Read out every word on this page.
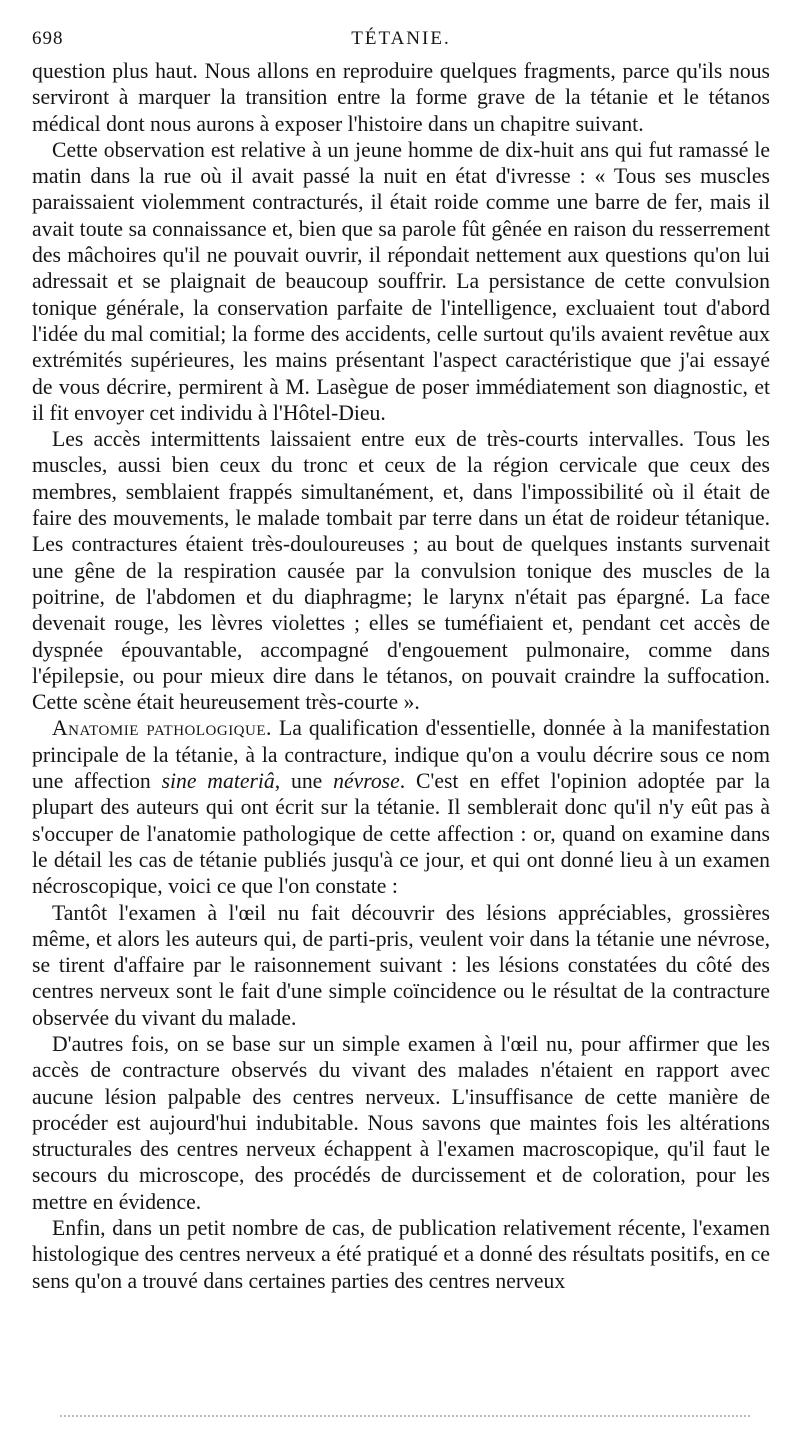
698	TÉTANIE.

question plus haut. Nous allons en reproduire quelques fragments, parce qu'ils nous serviront à marquer la transition entre la forme grave de la tétanie et le tétanos médical dont nous aurons à exposer l'histoire dans un chapitre suivant.

Cette observation est relative à un jeune homme de dix-huit ans qui fut ramassé le matin dans la rue où il avait passé la nuit en état d'ivresse : « Tous ses muscles paraissaient violemment contracturés, il était roide comme une barre de fer, mais il avait toute sa connaissance et, bien que sa parole fût gênée en raison du resserrement des mâchoires qu'il ne pouvait ouvrir, il répondait nettement aux questions qu'on lui adressait et se plaignait de beaucoup souffrir. La persistance de cette convulsion tonique générale, la conservation parfaite de l'intelligence, excluaient tout d'abord l'idée du mal comitial; la forme des accidents, celle surtout qu'ils avaient revêtue aux extrémités supérieures, les mains présentant l'aspect caractéristique que j'ai essayé de vous décrire, permirent à M. Lasègue de poser immédiatement son diagnostic, et il fit envoyer cet individu à l'Hôtel-Dieu.

Les accès intermittents laissaient entre eux de très-courts intervalles. Tous les muscles, aussi bien ceux du tronc et ceux de la région cervicale que ceux des membres, semblaient frappés simultanément, et, dans l'impossibilité où il était de faire des mouvements, le malade tombait par terre dans un état de roideur tétanique. Les contractures étaient très-douloureuses ; au bout de quelques instants survenait une gêne de la respiration causée par la convulsion tonique des muscles de la poitrine, de l'abdomen et du diaphragme; le larynx n'était pas épargné. La face devenait rouge, les lèvres violettes ; elles se tuméfiaient et, pendant cet accès de dyspnée épouvantable, accompagné d'engouement pulmonaire, comme dans l'épilepsie, ou pour mieux dire dans le tétanos, on pouvait craindre la suffocation. Cette scène était heureusement très-courte ».

Anatomie pathologique. La qualification d'essentielle, donnée à la manifestation principale de la tétanie, à la contracture, indique qu'on a voulu décrire sous ce nom une affection sine materiâ, une névrose. C'est en effet l'opinion adoptée par la plupart des auteurs qui ont écrit sur la tétanie. Il semblerait donc qu'il n'y eût pas à s'occuper de l'anatomie pathologique de cette affection : or, quand on examine dans le détail les cas de tétanie publiés jusqu'à ce jour, et qui ont donné lieu à un examen nécroscopique, voici ce que l'on constate :

Tantôt l'examen à l'œil nu fait découvrir des lésions appréciables, grossières même, et alors les auteurs qui, de parti-pris, veulent voir dans la tétanie une névrose, se tirent d'affaire par le raisonnement suivant : les lésions constatées du côté des centres nerveux sont le fait d'une simple coïncidence ou le résultat de la contracture observée du vivant du malade.

D'autres fois, on se base sur un simple examen à l'œil nu, pour affirmer que les accès de contracture observés du vivant des malades n'étaient en rapport avec aucune lésion palpable des centres nerveux. L'insuffisance de cette manière de procéder est aujourd'hui indubitable. Nous savons que maintes fois les altérations structurales des centres nerveux échappent à l'examen macroscopique, qu'il faut le secours du microscope, des procédés de durcissement et de coloration, pour les mettre en évidence.

Enfin, dans un petit nombre de cas, de publication relativement récente, l'examen histologique des centres nerveux a été pratiqué et a donné des résultats positifs, en ce sens qu'on a trouvé dans certaines parties des centres nerveux
